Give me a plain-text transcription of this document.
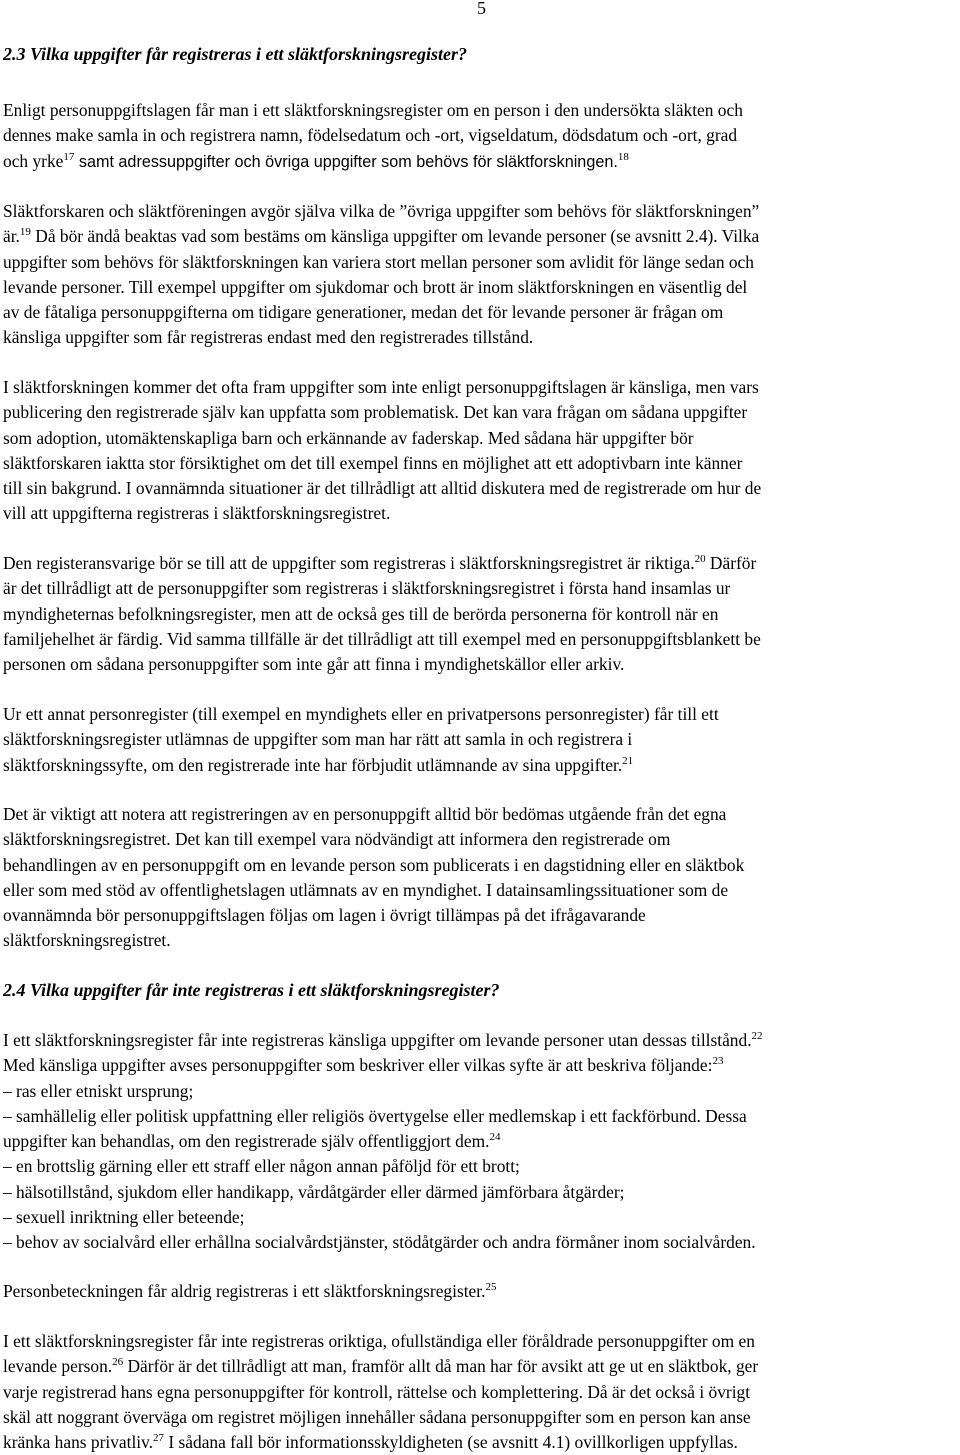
5
2.3 Vilka uppgifter får registreras i ett släktforskningsregister?

Enligt personuppgiftslagen får man i ett släktforskningsregister om en person i den undersökta släkten och
dennes make samla in och registrera namn, födelsedatum och -ort, vigseldatum, dödsdatum och -ort, grad
och yrke$^{17}$ samt adressuppgifter och övriga uppgifter som behövs för släktforskningen.$^{18}$

Släktforskaren och släktföreningen avgör själva vilka de ”övriga uppgifter som behövs för släktforskningen”
är.$^{19}$ Då bör ändå beaktas vad som bestäms om känsliga uppgifter om levande personer (se avsnitt 2.4). Vilka
uppgifter som behövs för släktforskningen kan variera stort mellan personer som avlidit för länge sedan och
levande personer. Till exempel uppgifter om sjukdomar och brott är inom släktforskningen en väsentlig del
av de fåtaliga personuppgifterna om tidigare generationer, medan det för levande personer är frågan om
känsliga uppgifter som får registreras endast med den registrerades tillstånd.

I släktforskningen kommer det ofta fram uppgifter som inte enligt personuppgiftslagen är känsliga, men vars
publicering den registrerade själv kan uppfatta som problematisk. Det kan vara frågan om sådana uppgifter
som adoption, utomäktenskapliga barn och erkännande av faderskap. Med sådana här uppgifter bör
släktforskaren iaktta stor försiktighet om det till exempel finns en möjlighet att ett adoptivbarn inte känner
till sin bakgrund. I ovannämnda situationer är det tillrådligt att alltid diskutera med de registrerade om hur de
vill att uppgifterna registreras i släktforskningsregistret.

Den registeransvarige bör se till att de uppgifter som registreras i släktforskningsregistret är riktiga.$^{20}$ Därför
är det tillrådligt att de personuppgifter som registreras i släktforskningsregistret i första hand insamlas ur
myndigheternas befolkningsregister, men att de också ges till de berörda personerna för kontroll när en
familjehelhet är färdig. Vid samma tillfälle är det tillrådligt att till exempel med en personuppgiftsblankett be
personen om sådana personuppgifter som inte går att finna i myndighetskällor eller arkiv.

Ur ett annat personregister (till exempel en myndighets eller en privatpersons personregister) får till ett
släktforskningsregister utlämnas de uppgifter som man har rätt att samla in och registrera i
släktforskningssyfte, om den registrerade inte har förbjudit utlämnande av sina uppgifter.$^{21}$

Det är viktigt att notera att registreringen av en personuppgift alltid bör bedömas utgående från det egna
släktforskningsregistret. Det kan till exempel vara nödvändigt att informera den registrerade om
behandlingen av en personuppgift om en levande person som publicerats i en dagstidning eller en släktbok
eller som med stöd av offentlighetslagen utlämnats av en myndighet. I datainsamlingssituationer som de
ovannämnda bör personuppgiftslagen följas om lagen i övrigt tillämpas på det ifrågavarande
släktforskningsregistret.

2.4 Vilka uppgifter får inte registreras i ett släktforskningsregister?

I ett släktforskningsregister får inte registreras känsliga uppgifter om levande personer utan dessas tillstånd.$^{22}$
Med känsliga uppgifter avses personuppgifter som beskriver eller vilkas syfte är att beskriva följande:$^{23}$
– ras eller etniskt ursprung;
– samhällelig eller politisk uppfattning eller religiös övertygelse eller medlemskap i ett fackförbund. Dessa
uppgifter kan behandlas, om den registrerade själv offentliggjort dem.$^{24}$
– en brottslig gärning eller ett straff eller någon annan påföljd för ett brott;
– hälsotillstånd, sjukdom eller handikapp, vårdåtgärder eller därmed jämförbara åtgärder;
– sexuell inriktning eller beteende;
– behov av socialvård eller erhållna socialvårdstjänster, stödåtgärder och andra förmåner inom socialvården.

Personbeteckningen får aldrig registreras i ett släktforskningsregister.$^{25}$

I ett släktforskningsregister får inte registreras oriktiga, ofullständiga eller föråldrade personuppgifter om en
levande person.$^{26}$ Därför är det tillrådligt att man, framför allt då man har för avsikt att ge ut en släktbok, ger
varje registrerad hans egna personuppgifter för kontroll, rättelse och komplettering. Då är det också i övrigt
skäl att noggrant överväga om registret möjligen innehåller sådana personuppgifter som en person kan anse
kränka hans privatliv.$^{27}$ I sådana fall bör informationsskyldigheten (se avsnitt 4.1) ovillkorligen uppfyllas.
